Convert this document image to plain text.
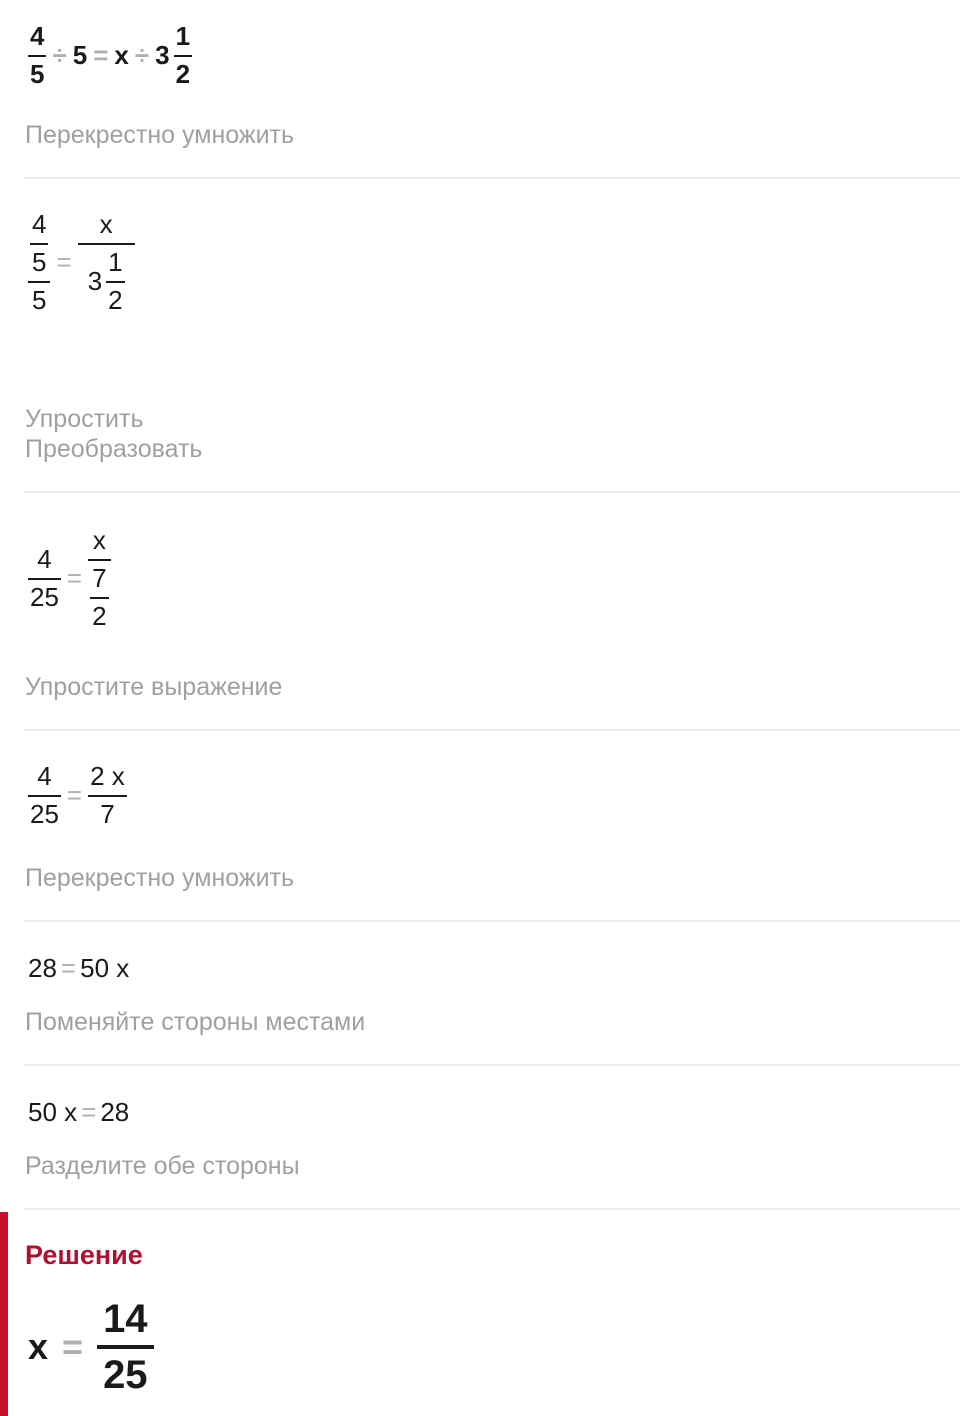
$\frac{4}{5} \div 5 = x \div 3 \frac{1}{2}$
Перекрестно умножить
$\frac{\frac{4}{5}}{5} = \frac{x}{3 \frac{1}{2}}$
Упростить
Преобразовать
$\frac{4}{25} = \frac{x}{\frac{7}{2}}$
Упростите выражение
$\frac{4}{25} = \frac{2 x}{7}$
Перекрестно умножить
28 = 50 x
Поменяйте стороны местами
50 x = 28
Разделите обе стороны
Решение
$x = \frac{14}{25}$
